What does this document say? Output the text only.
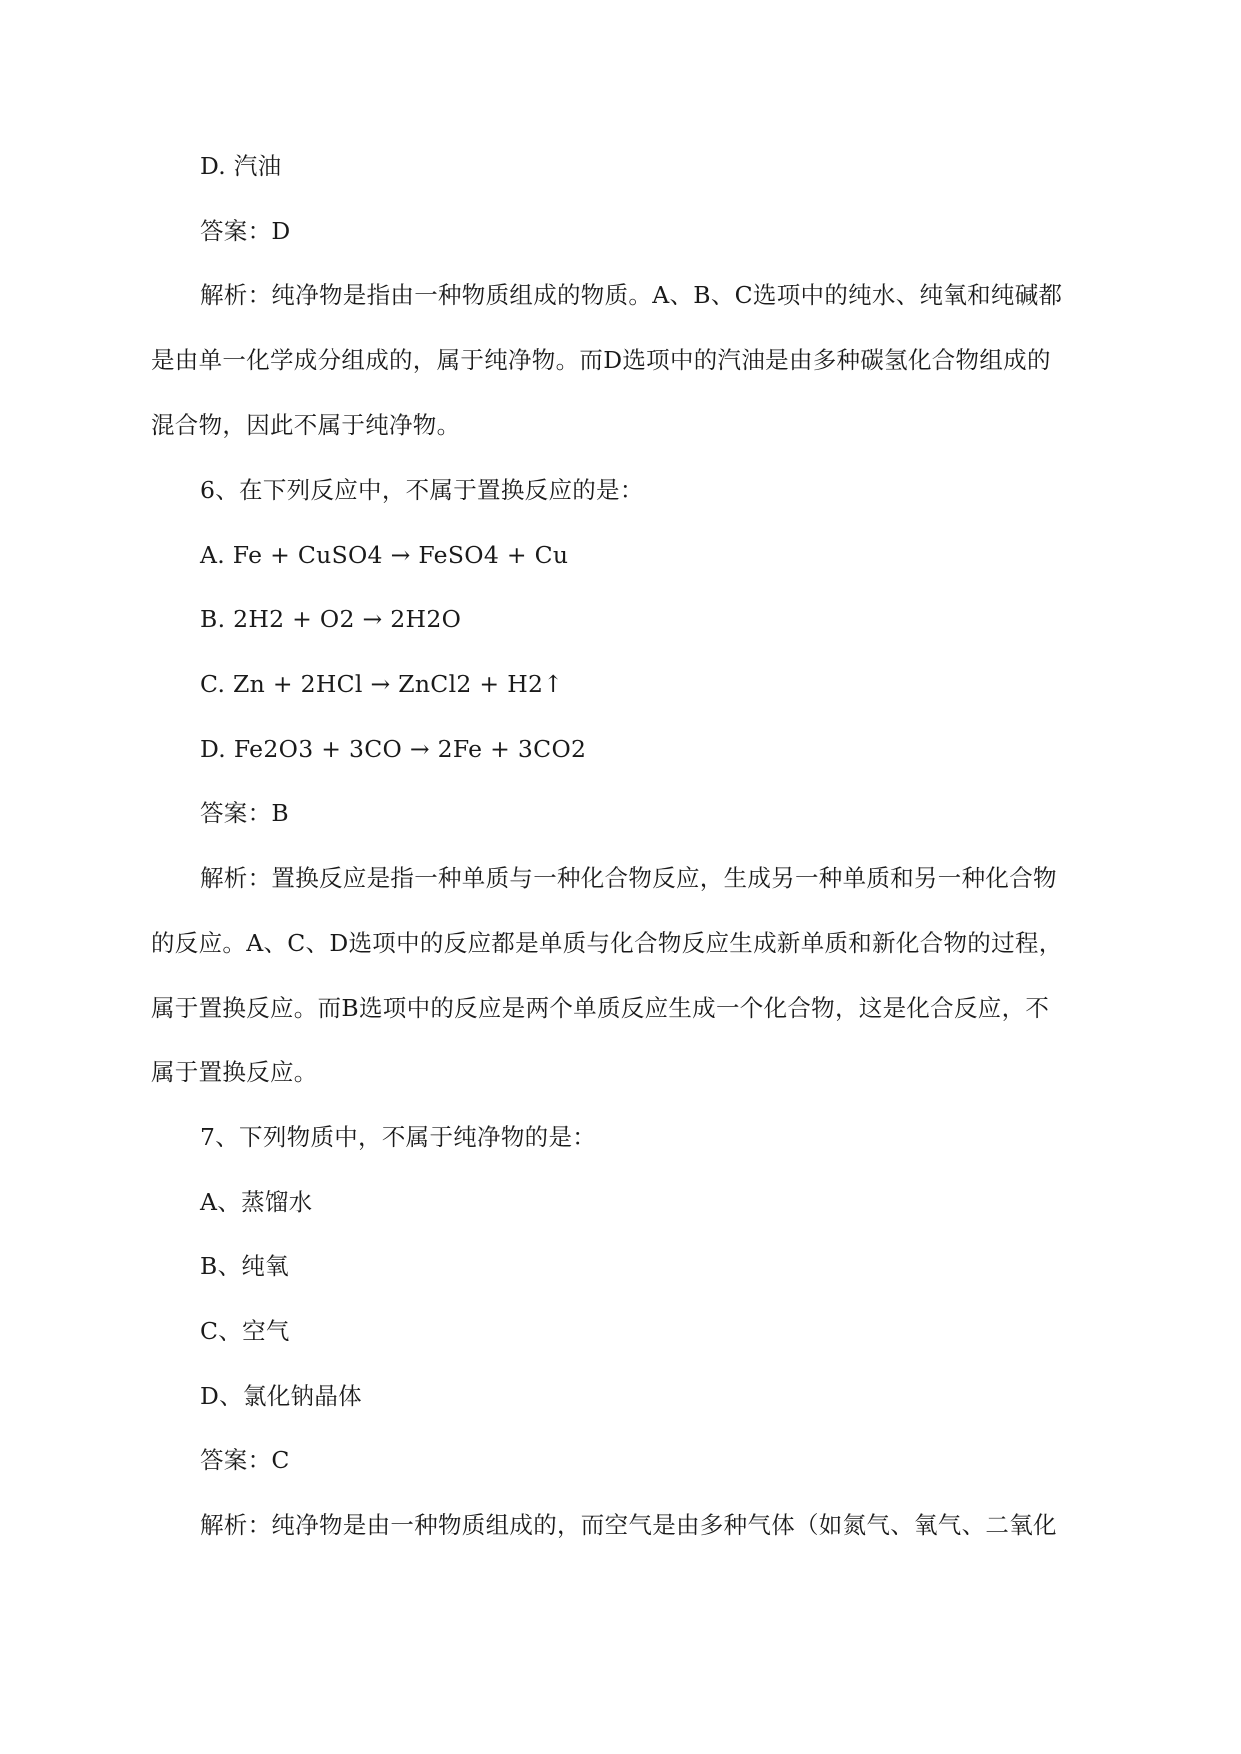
D. 汽油
答案：D
解析：纯净物是指由一种物质组成的物质。A、B、C选项中的纯水、纯氧和纯碱都
是由单一化学成分组成的，属于纯净物。而D选项中的汽油是由多种碳氢化合物组成的
混合物，因此不属于纯净物。
6、在下列反应中，不属于置换反应的是：
A. Fe + CuSO4 → FeSO4 + Cu
B. 2H2 + O2 → 2H2O
C. Zn + 2HCl → ZnCl2 + H2↑
D. Fe2O3 + 3CO → 2Fe + 3CO2
答案：B
解析：置换反应是指一种单质与一种化合物反应，生成另一种单质和另一种化合物
的反应。A、C、D选项中的反应都是单质与化合物反应生成新单质和新化合物的过程，
属于置换反应。而B选项中的反应是两个单质反应生成一个化合物，这是化合反应，不
属于置换反应。
7、下列物质中，不属于纯净物的是：
A、蒸馏水
B、纯氧
C、空气
D、氯化钠晶体
答案：C
解析：纯净物是由一种物质组成的，而空气是由多种气体（如氮气、氧气、二氧化
